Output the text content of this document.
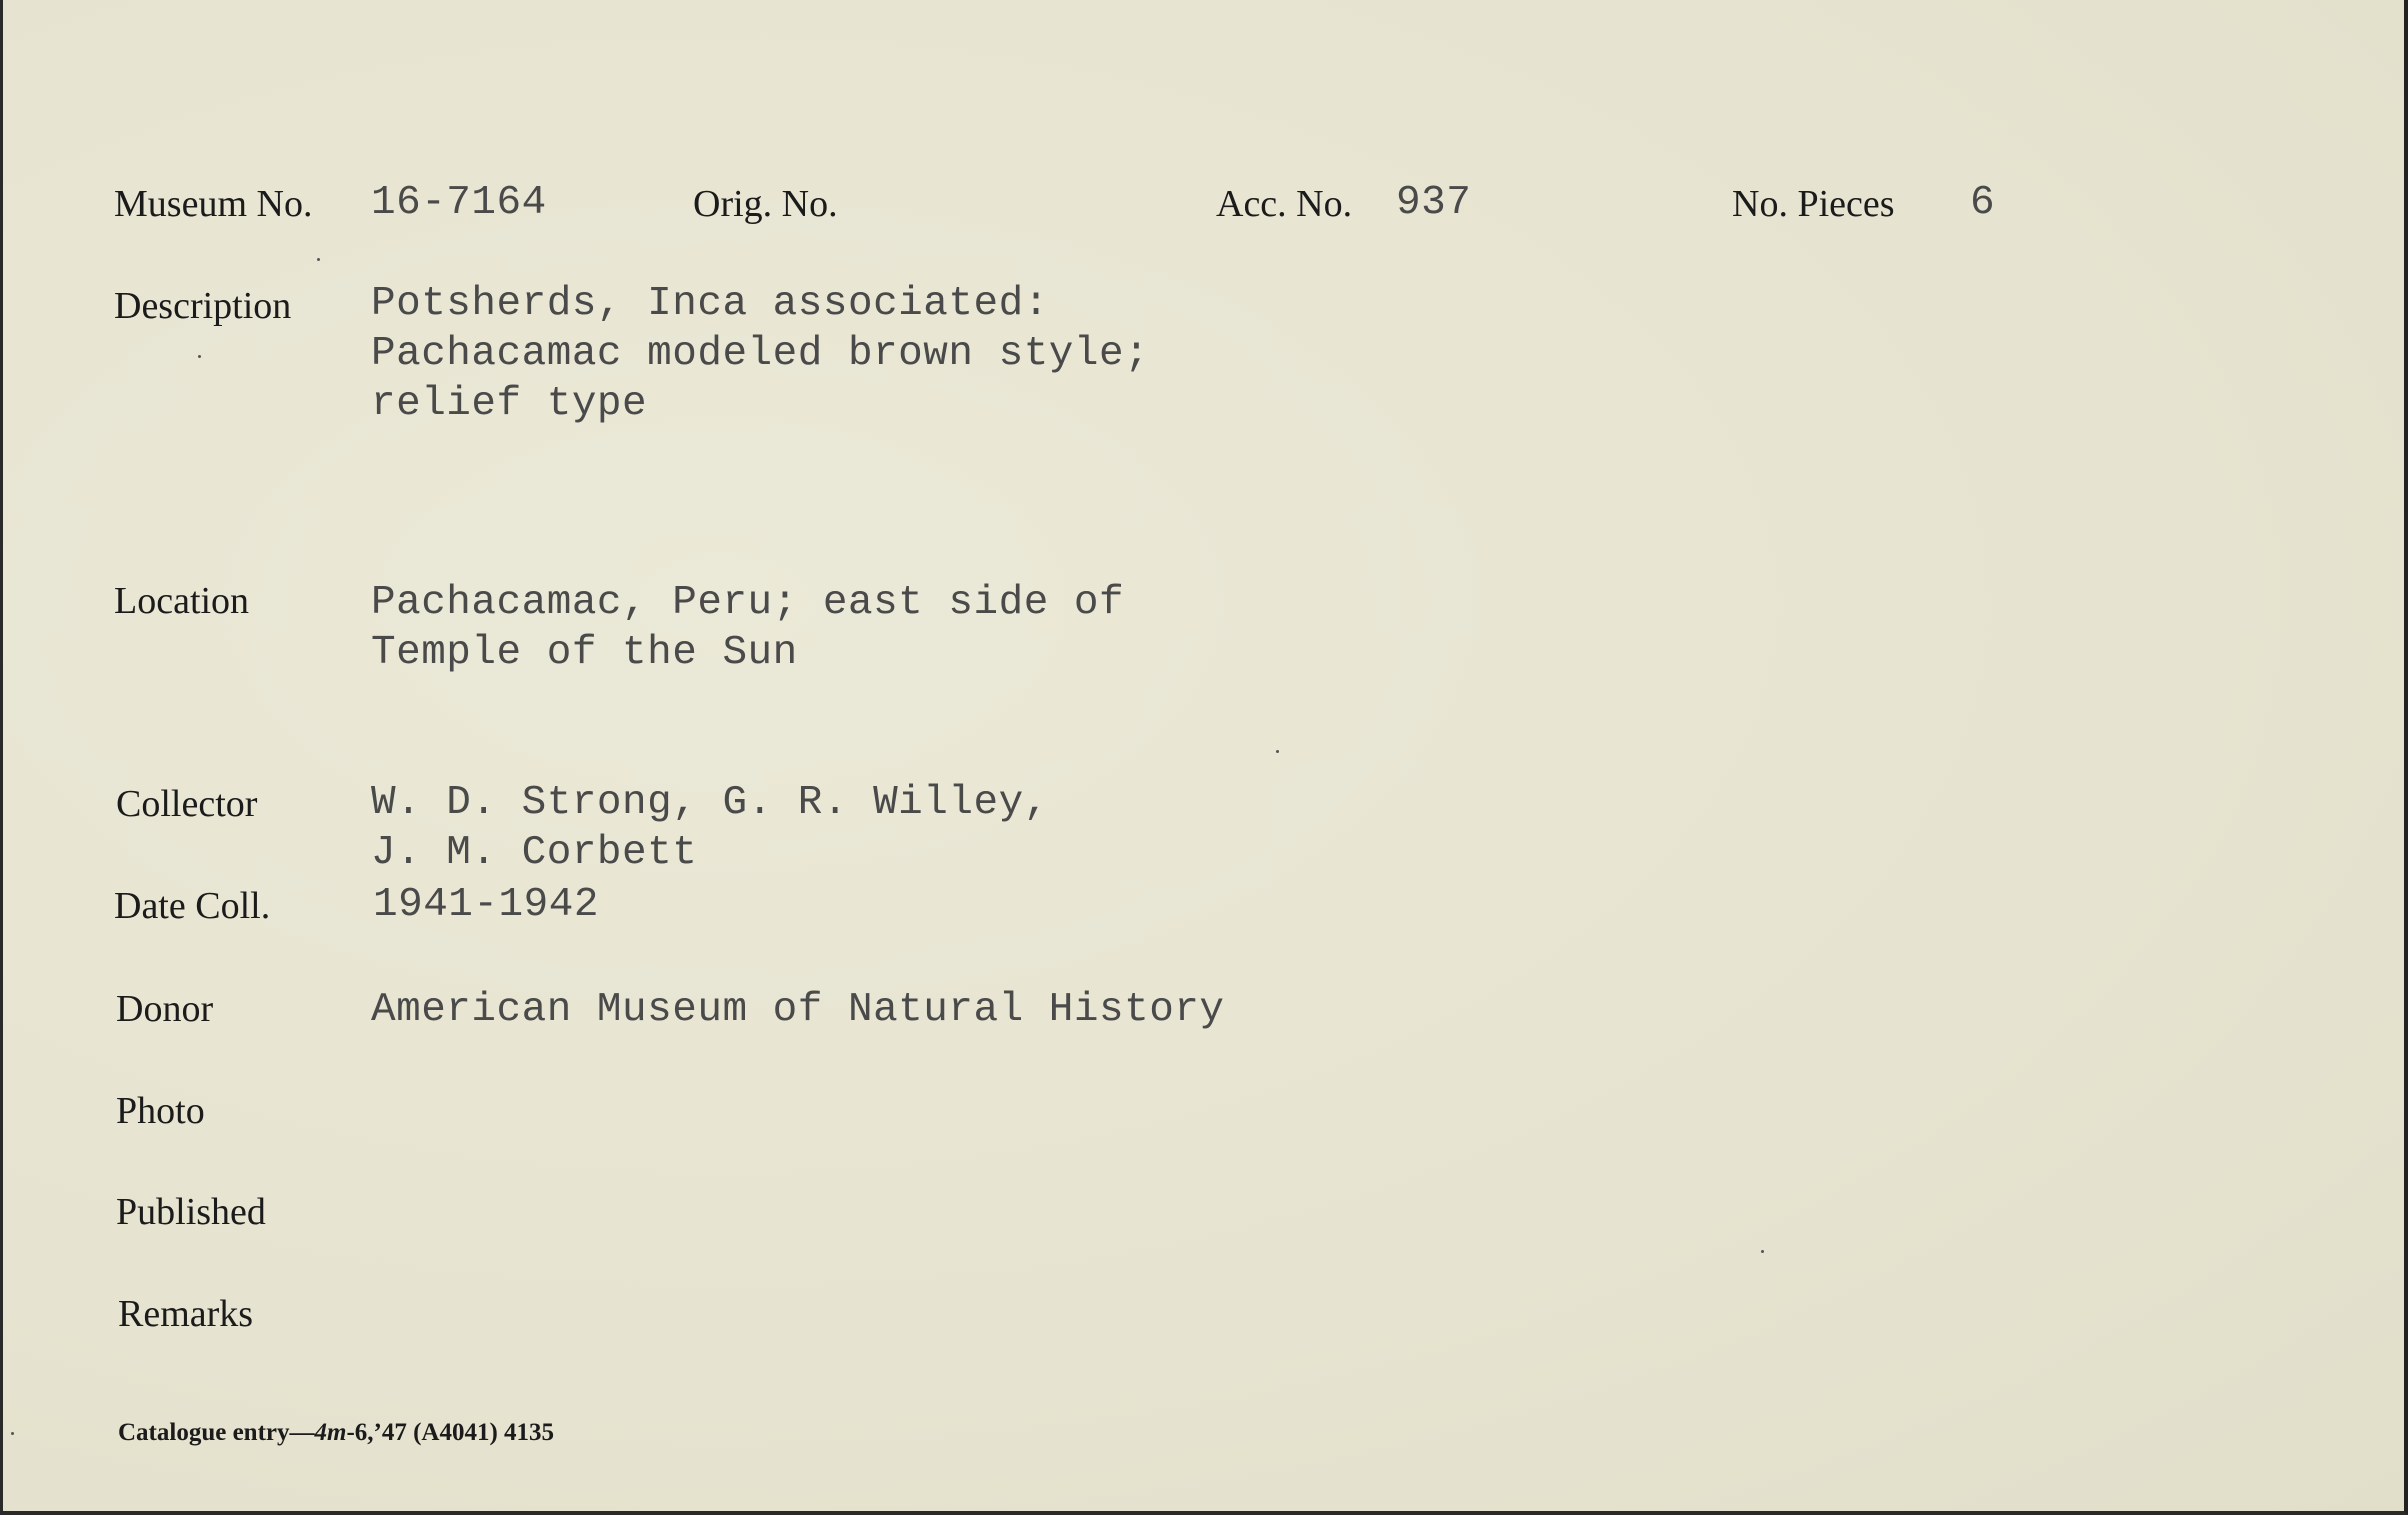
Museum No. 16-7164	Orig. No.	Acc. No. 937	No. Pieces 6
Description Potsherds, Inca associated:
Pachacamac modeled brown style;
relief type
Location	Pachacamac, Peru; east side of
Temple of the Sun
Collector	W. D. Strong, G. R. Willey,
J. M. Corbett
Date Coll.	1941-1942
Donor	American Museum of Natural History
Photo
Published
Remarks
Catalogue entry—4m-6,’47 (A4041) 4135
